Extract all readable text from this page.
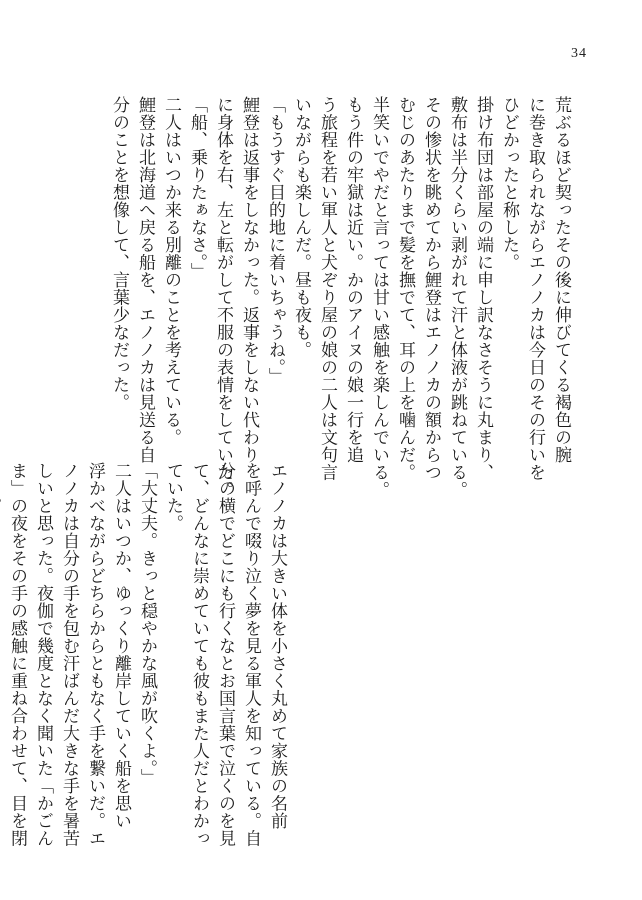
34
荒ぶるほど契ったその後に伸びてくる褐色の腕
に巻き取られながらエノノカは今日のその行いを
ひどかったと称した。
掛け布団は部屋の端に申し訳なさそうに丸まり、
敷布は半分くらい剥がれて汗と体液が跳ねている。
その惨状を眺めてから鯉登はエノノカの額からつ
むじのあたりまで髪を撫でて、耳の上を噛んだ。
半笑いでやだと言っては甘い感触を楽しんでいる。
もう件の牢獄は近い。かのアイヌの娘一行を追
う旅程を若い軍人と犬ぞり屋の娘の二人は文句言
いながらも楽しんだ。昼も夜も。
「もうすぐ目的地に着いちゃうね。」
鯉登は返事をしなかった。返事をしない代わり
に身体を右、左と転がして不服の表情をしていた。
「船、乗りたぁなさ。」
二人はいつか来る別離のことを考えている。
鯉登は北海道へ戻る船を、エノノカは見送る自
分のことを想像して、言葉少なだった。
エノノカは大きい体を小さく丸めて家族の名前
を呼んで啜り泣く夢を見る軍人を知っている。自
分の横でどこにも行くなとお国言葉で泣くのを見
て、どんなに崇めていても彼もまた人だとわかっ
ていた。
「大丈夫。きっと穏やかな風が吹くよ。」
二人はいつか、ゆっくり離岸していく船を思い
浮かべながらどちらからともなく手を繋いだ。エ
ノノカは自分の手を包む汗ばんだ大きな手を暑苦
しいと思った。夜伽で幾度となく聞いた「かごん
ま」の夜をその手の感触に重ね合わせて、目を閉
